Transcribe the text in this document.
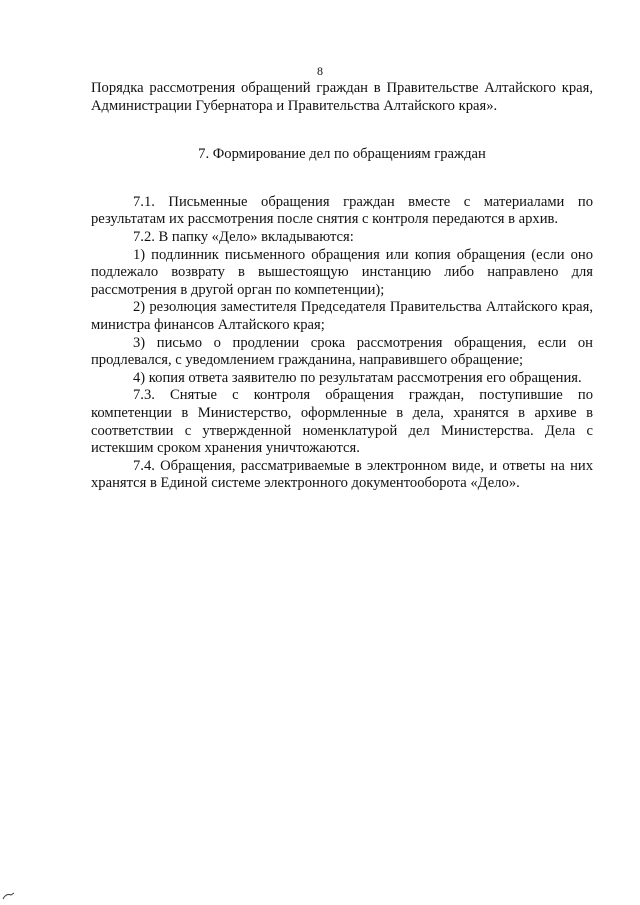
8

Порядка рассмотрения обращений граждан в Правительстве Алтайского края, Администрации Губернатора и Правительства Алтайского края».

7. Формирование дел по обращениям граждан

7.1. Письменные обращения граждан вместе с материалами по результатам их рассмотрения после снятия с контроля передаются в архив.

7.2. В папку «Дело» вкладываются:

1) подлинник письменного обращения или копия обращения (если оно подлежало возврату в вышестоящую инстанцию либо направлено для рассмотрения в другой орган по компетенции);

2) резолюция заместителя Председателя Правительства Алтайского края, министра финансов Алтайского края;

3) письмо о продлении срока рассмотрения обращения, если он продлевался, с уведомлением гражданина, направившего обращение;

4) копия ответа заявителю по результатам рассмотрения его обращения.

7.3. Снятые с контроля обращения граждан, поступившие по компетенции в Министерство, оформленные в дела, хранятся в архиве в соответствии с утвержденной номенклатурой дел Министерства. Дела с истекшим сроком хранения уничтожаются.

7.4. Обращения, рассматриваемые в электронном виде, и ответы на них хранятся в Единой системе электронного документооборота «Дело».
